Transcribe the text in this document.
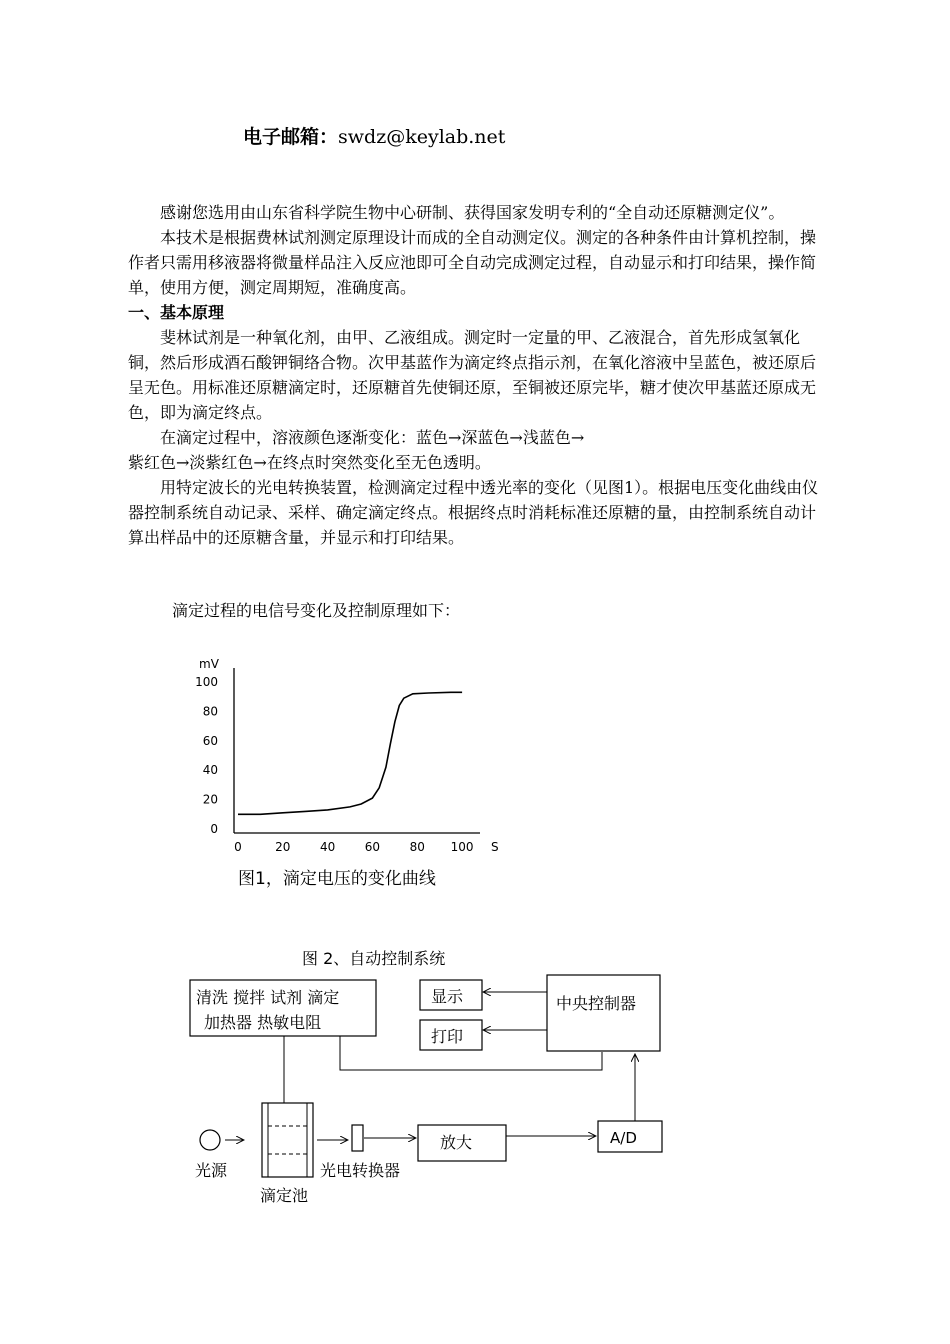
电子邮箱：swdz@keylab.net

感谢您选用由山东省科学院生物中心研制、获得国家发明专利的“全自动还原糖测定仪”。

本技术是根据费林试剂测定原理设计而成的全自动测定仪。测定的各种条件由计算机控制，操作者只需用移液器将微量样品注入反应池即可全自动完成测定过程，自动显示和打印结果，操作简单，使用方便，测定周期短，准确度高。

一、基本原理

斐林试剂是一种氧化剂，由甲、乙液组成。测定时一定量的甲、乙液混合，首先形成氢氧化铜，然后形成酒石酸钾铜络合物。次甲基蓝作为滴定终点指示剂，在氧化溶液中呈蓝色，被还原后呈无色。用标准还原糖滴定时，还原糖首先使铜还原，至铜被还原完毕，糖才使次甲基蓝还原成无色，即为滴定终点。

在滴定过程中，溶液颜色逐渐变化：蓝色→深蓝色→浅蓝色→

紫红色→淡紫红色→在终点时突然变化至无色透明。

用特定波长的光电转换装置，检测滴定过程中透光率的变化（见图1）。根据电压变化曲线由仪器控制系统自动记录、采样、确定滴定终点。根据终点时消耗标准还原糖的量，由控制系统自动计算出样品中的还原糖含量，并显示和打印结果。

滴定过程的电信号变化及控制原理如下：
mV
0
20
40
60
80
100
0	20 40 60 80 100 S
图1，滴定电压的变化曲线
图 2、自动控制系统
清洗 搅拌 试剂 滴定
加热器 热敏电阻
显示
打印
中央控制器
光源
滴定池
光电转换器
放大	A/D
